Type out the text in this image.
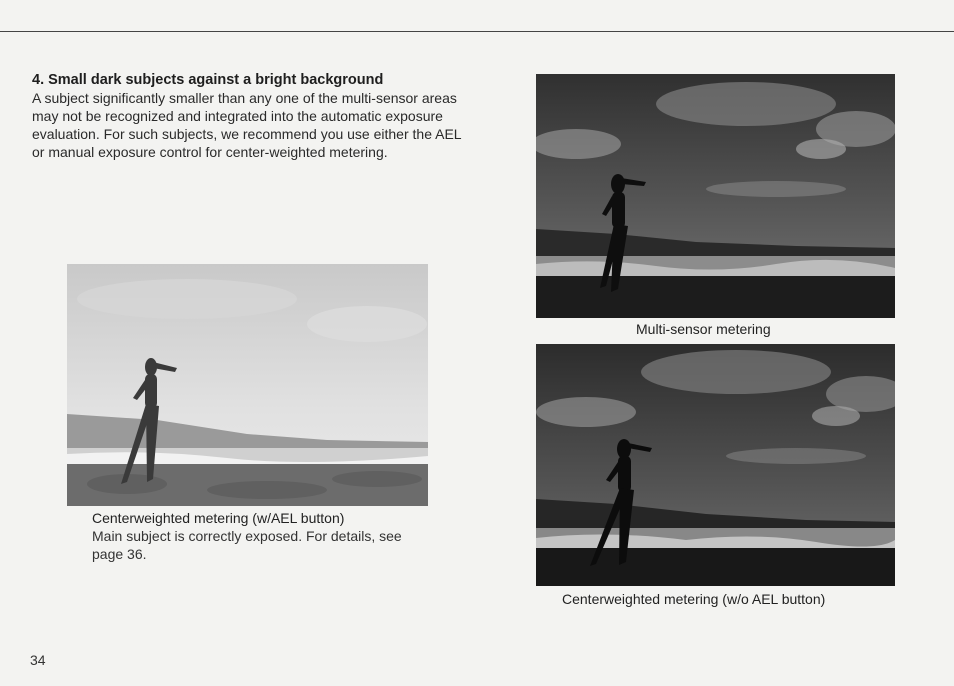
4. Small dark subjects against a bright background

A subject significantly smaller than any one of the multi-sensor areas may not be recognized and integrated into the automatic exposure evaluation. For such subjects, we recommend you use either the AEL or manual exposure control for center-weighted metering.

Multi-sensor metering
Centerweighted metering (w/AEL button)
Main subject is correctly exposed. For details, see page 36.
Centerweighted metering (w/o AEL button)
34
